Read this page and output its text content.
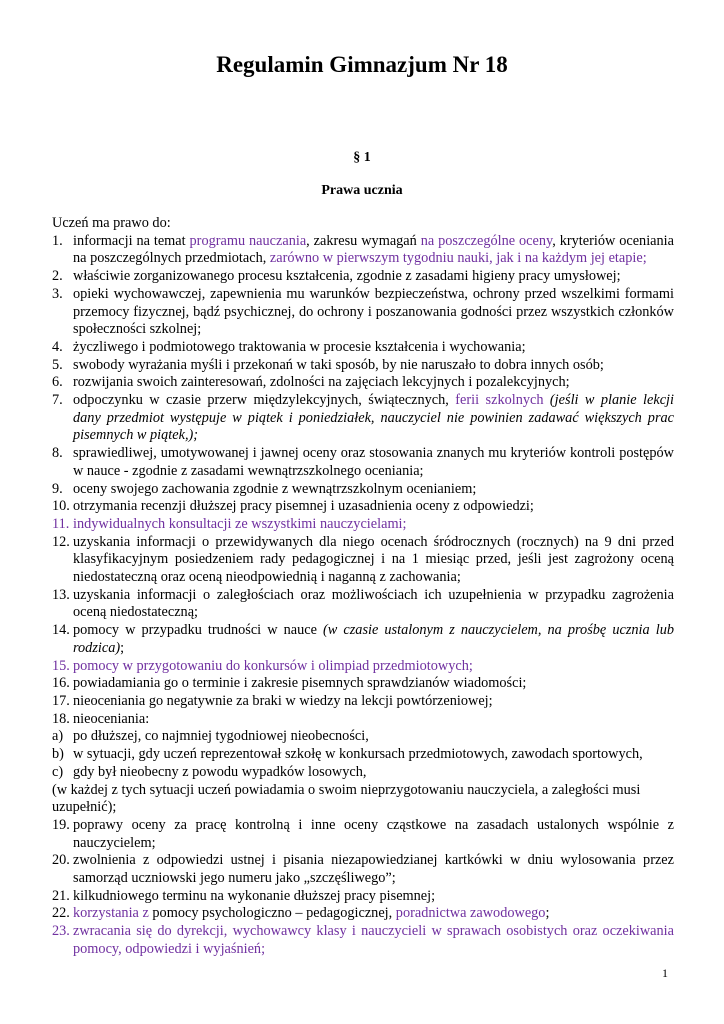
Regulamin Gimnazjum Nr 18
§ 1
Prawa ucznia

Uczeń ma prawo do:

1. informacji na temat programu nauczania, zakresu wymagań na poszczególne oceny, kryteriów oceniania na poszczególnych przedmiotach, zarówno w pierwszym tygodniu nauki, jak i na każdym jej etapie;
2. właściwie zorganizowanego procesu kształcenia, zgodnie z zasadami higieny pracy umysłowej;
3. opieki wychowawczej, zapewnienia mu warunków bezpieczeństwa, ochrony przed wszelkimi formami przemocy fizycznej, bądź psychicznej, do ochrony i poszanowania godności przez wszystkich członków społeczności szkolnej;
4. życzliwego i podmiotowego traktowania w procesie kształcenia i wychowania;
5. swobody wyrażania myśli i przekonań w taki sposób, by nie naruszało to dobra innych osób;
6. rozwijania swoich zainteresowań, zdolności na zajęciach lekcyjnych i pozalekcyjnych;
7. odpoczynku w czasie przerw międzylekcyjnych, świątecznych, ferii szkolnych (jeśli w planie lekcji dany przedmiot występuje w piątek i poniedziałek, nauczyciel nie powinien zadawać większych prac pisemnych w piątek,);
8. sprawiedliwej, umotywowanej i jawnej oceny oraz stosowania znanych mu kryteriów kontroli postępów w nauce - zgodnie z zasadami wewnątrzszkolnego oceniania;
9. oceny swojego zachowania zgodnie z wewnątrzszkolnym ocenianiem;
10. otrzymania recenzji dłuższej pracy pisemnej i uzasadnienia oceny z odpowiedzi;
11. indywidualnych konsultacji ze wszystkimi nauczycielami;
12. uzyskania informacji o przewidywanych dla niego ocenach śródrocznych (rocznych) na 9 dni przed klasyfikacyjnym posiedzeniem rady pedagogicznej i na 1 miesiąc przed, jeśli jest zagrożony oceną niedostateczną oraz oceną nieodpowiednią i naganną z zachowania;
13. uzyskania informacji o zaległościach oraz możliwościach ich uzupełnienia w przypadku zagrożenia oceną niedostateczną;
14. pomocy w przypadku trudności w nauce (w czasie ustalonym z nauczycielem, na prośbę ucznia lub rodzica);
15. pomocy w przygotowaniu do konkursów i olimpiad przedmiotowych;
16. powiadamiania go o terminie i zakresie pisemnych sprawdzianów wiadomości;
17. nieoceniania go negatywnie za braki w wiedzy na lekcji powtórzeniowej;
18. nieoceniania:
a) po dłuższej, co najmniej tygodniowej nieobecności,
b) w sytuacji, gdy uczeń reprezentował szkołę w konkursach przedmiotowych, zawodach sportowych,
c) gdy był nieobecny z powodu wypadków losowych,

(w każdej z tych sytuacji uczeń powiadamia o swoim nieprzygotowaniu nauczyciela, a zaległości musi uzupełnić);

19. poprawy oceny za pracę kontrolną i inne oceny cząstkowe na zasadach ustalonych wspólnie z nauczycielem;
20. zwolnienia z odpowiedzi ustnej i pisania niezapowiedzianej kartkówki w dniu wylosowania przez samorząd uczniowski jego numeru jako „szczęśliwego”;
21. kilkudniowego terminu na wykonanie dłuższej pracy pisemnej;
22. korzystania z pomocy psychologiczno – pedagogicznej, poradnictwa zawodowego;
23. zwracania się do dyrekcji, wychowawcy klasy i nauczycieli w sprawach osobistych oraz oczekiwania pomocy, odpowiedzi i wyjaśnień;
1
